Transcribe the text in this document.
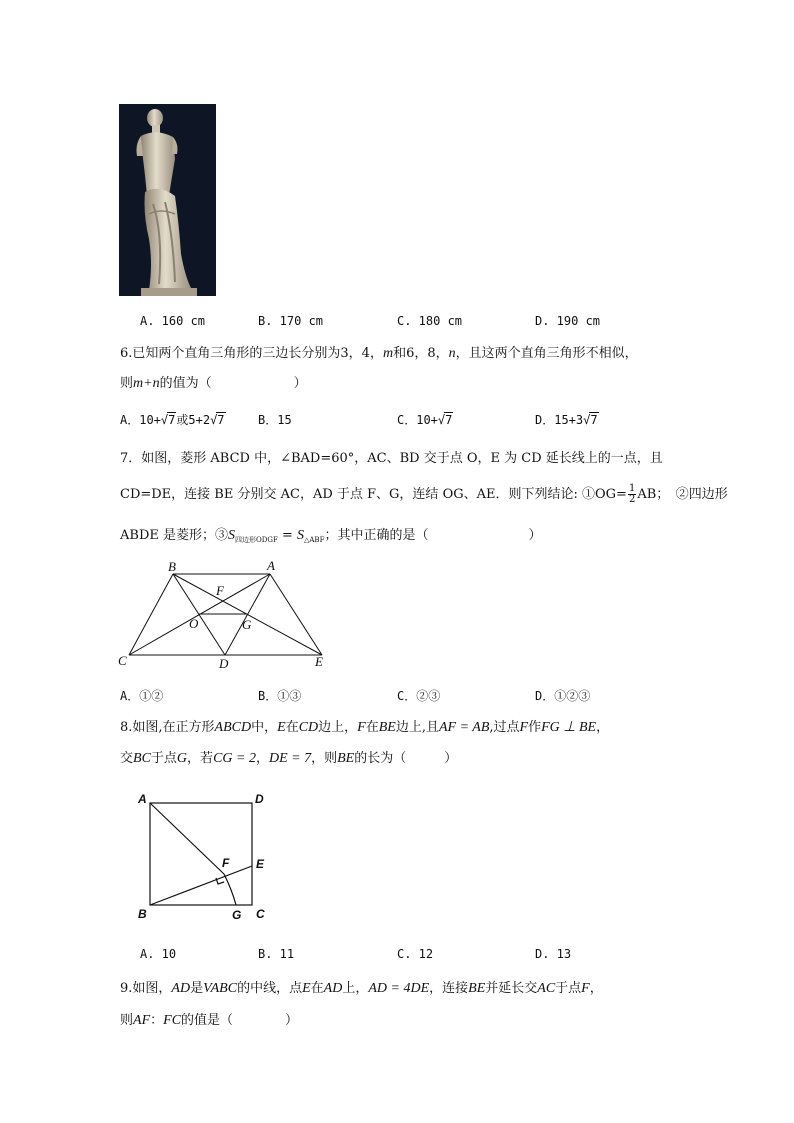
A. 160 cm	B. 170 cm	C. 180 cm	D. 190 cm
6.已知两个直角三角形的三边长分别为3，4，m和6，8，n，且这两个直角三角形不相似，
则m+n的值为（	）
A．10+√7或5+2√7	B．15	C．10+√7	D．15+3√7
7．如图，菱形 ABCD 中，∠BAD=60°，AC、BD 交于点 O，E 为 CD 延长线上的一点，且
CD=DE，连接 BE 分别交 AC，AD 于点 F、G，连结 OG、AE．则下列结论: ①OG= $\frac{1}{2}$ AB；　②四边形
ABDE 是菱形；$③S_{四边形ODGF} = S_{\triangle ABF}$；其中正确的是（	）
B	A
F
O	G
C	D	E
A．①②	B．①③	C．②③	D．①②③
8.如图,在正方形ABCD中，E在CD边上，F在BE边上,且AF = AB,过点F作FG ⊥ BE，
交BC于点G，若CG = 2，DE = 7，则BE的长为（	）
A	D
F E
B	G C
A. 10	B. 11	C. 12	D. 13
9.如图，AD是VABC的中线，点E在AD上，AD = 4DE，连接BE并延长交AC于点F，
则AF：FC的值是（	）
